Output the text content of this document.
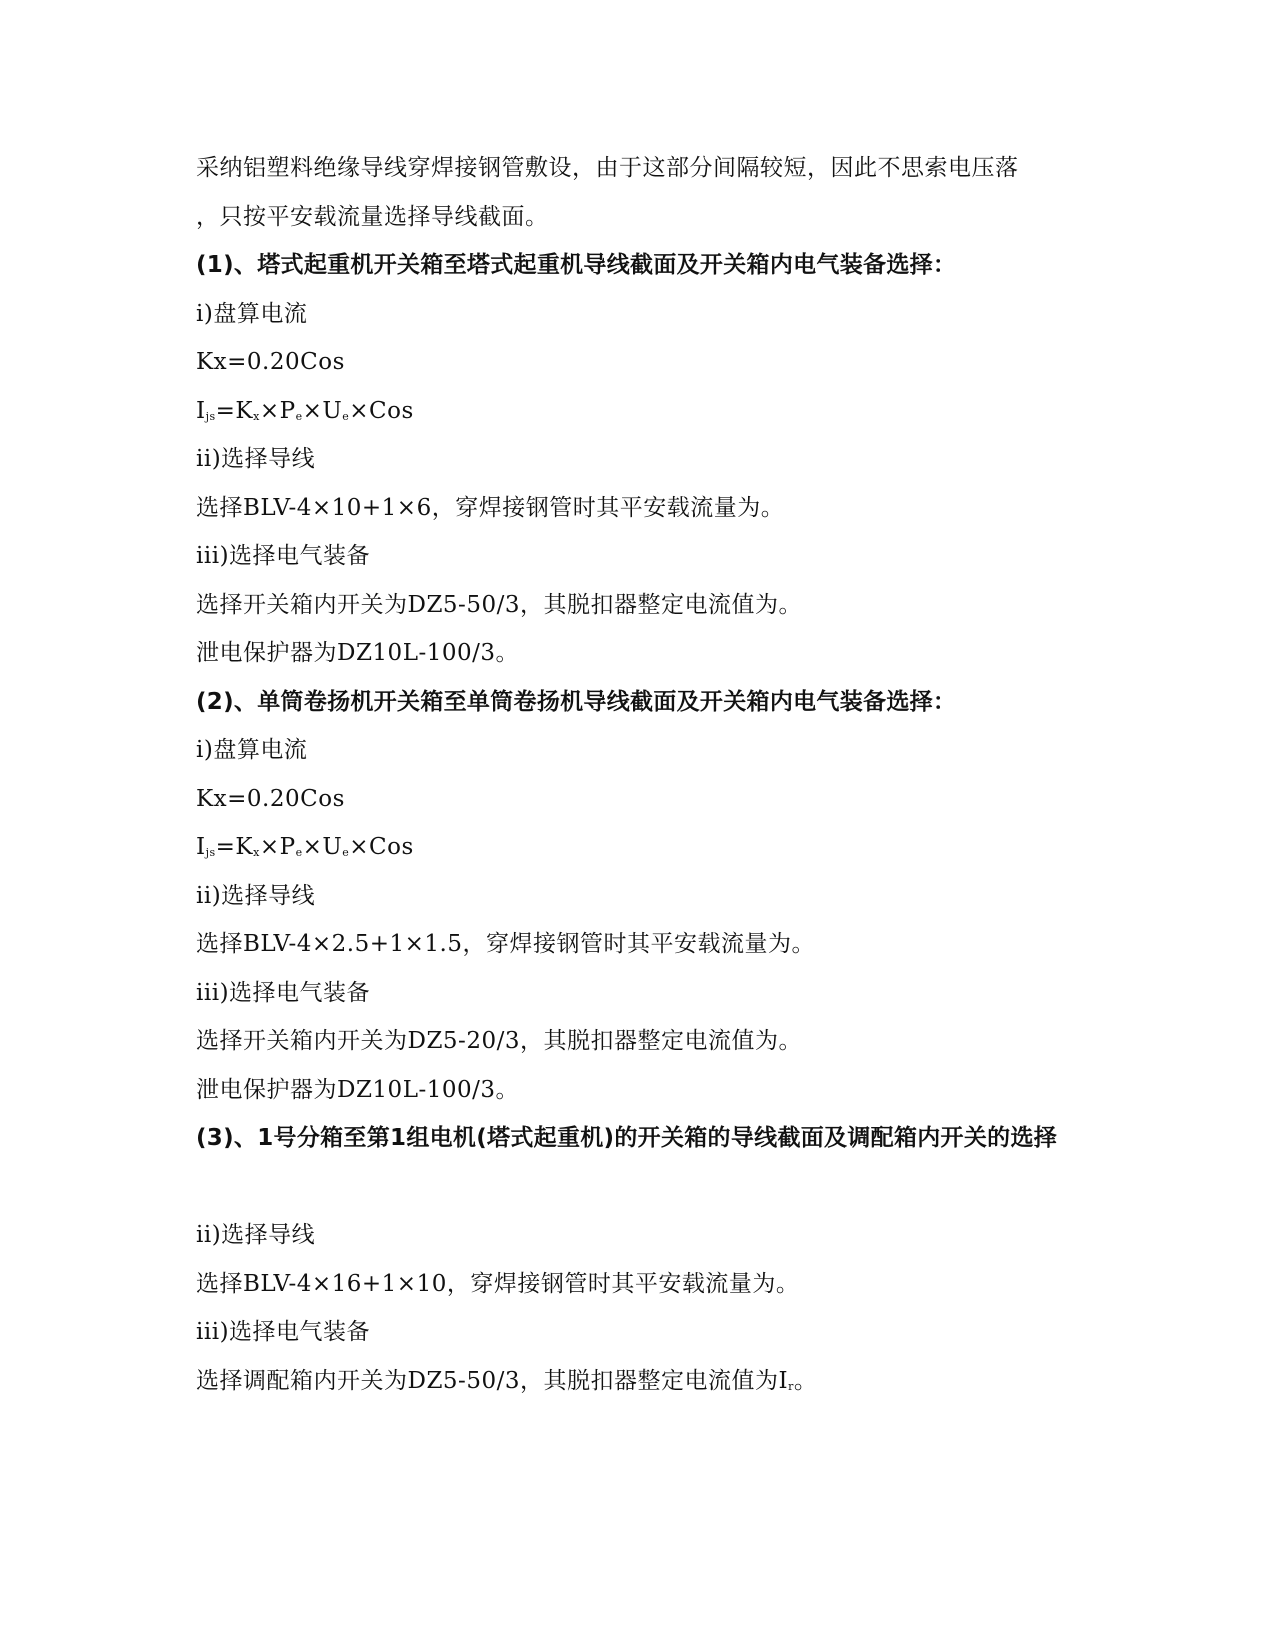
采纳铝塑料绝缘导线穿焊接钢管敷设，由于这部分间隔较短，因此不思索电压落
，只按平安载流量选择导线截面。
(1)、塔式起重机开关箱至塔式起重机导线截面及开关箱内电气装备选择：
i)盘算电流
Kx=0.20Cos
$I_{js}=K_x\times P_e\times U_e\times Cos$
ii)选择导线
选择BLV-4×10+1×6，穿焊接钢管时其平安载流量为。
iii)选择电气装备
选择开关箱内开关为DZ5-50/3，其脱扣器整定电流值为。
泄电保护器为DZ10L-100/3。
(2)、单筒卷扬机开关箱至单筒卷扬机导线截面及开关箱内电气装备选择：
i)盘算电流
Kx=0.20Cos
$I_{js}=K_x\times P_e\times U_e\times Cos$
ii)选择导线
选择BLV-4×2.5+1×1.5，穿焊接钢管时其平安载流量为。
iii)选择电气装备
选择开关箱内开关为DZ5-20/3，其脱扣器整定电流值为。
泄电保护器为DZ10L-100/3。
(3)、1号分箱至第1组电机(塔式起重机)的开关箱的导线截面及调配箱内开关的选择
ii)选择导线
选择BLV-4×16+1×10，穿焊接钢管时其平安载流量为。
iii)选择电气装备
选择调配箱内开关为DZ5-50/3，其脱扣器整定电流值为$I_r$。
